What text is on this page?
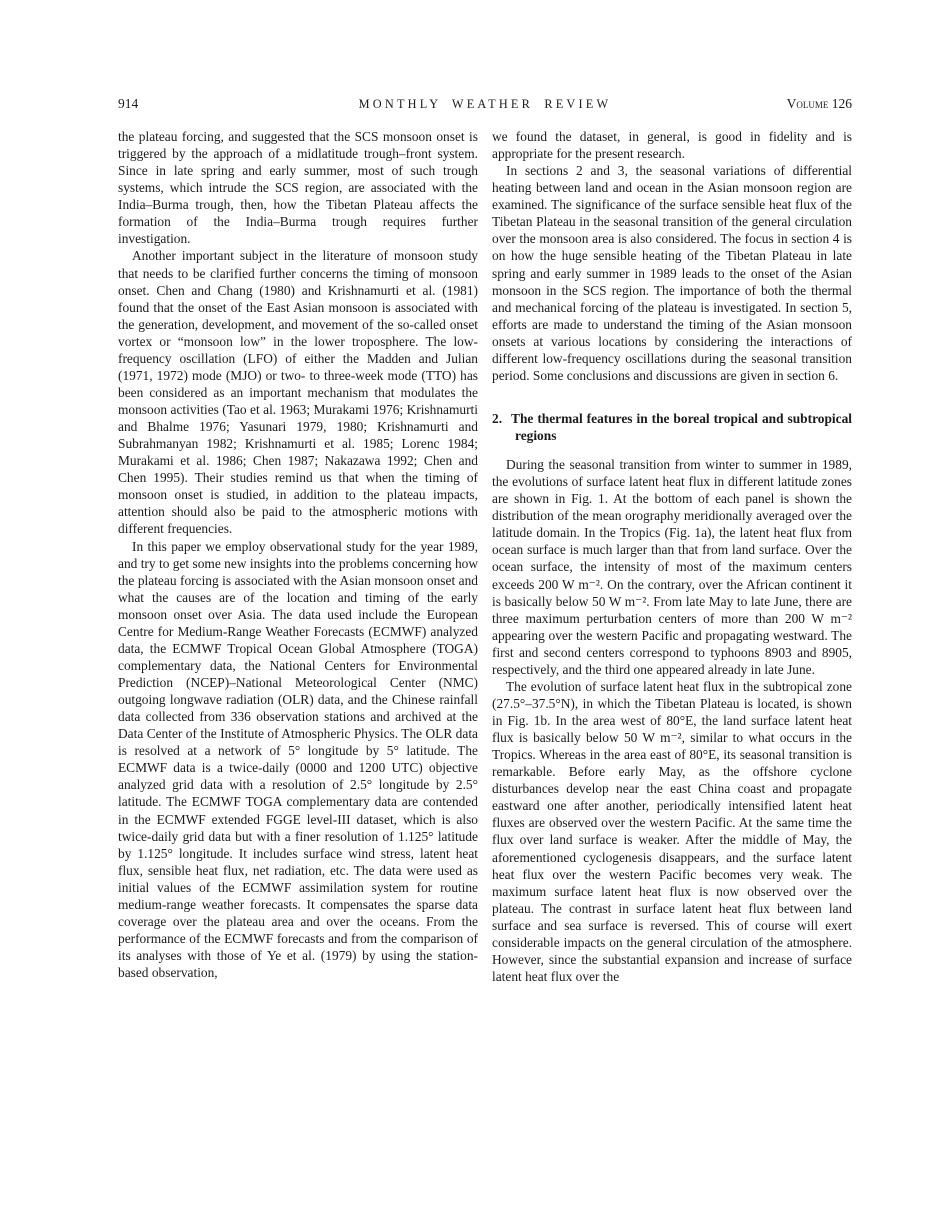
914	MONTHLY WEATHER REVIEW	Volume 126

the plateau forcing, and suggested that the SCS monsoon onset is triggered by the approach of a midlatitude trough–front system. Since in late spring and early summer, most of such trough systems, which intrude the SCS region, are associated with the India–Burma trough, then, how the Tibetan Plateau affects the formation of the India–Burma trough requires further investigation.

Another important subject in the literature of monsoon study that needs to be clarified further concerns the timing of monsoon onset. Chen and Chang (1980) and Krishnamurti et al. (1981) found that the onset of the East Asian monsoon is associated with the generation, development, and movement of the so-called onset vortex or “monsoon low” in the lower troposphere. The low-frequency oscillation (LFO) of either the Madden and Julian (1971, 1972) mode (MJO) or two- to three-week mode (TTO) has been considered as an important mechanism that modulates the monsoon activities (Tao et al. 1963; Murakami 1976; Krishnamurti and Bhalme 1976; Yasunari 1979, 1980; Krishnamurti and Subrahmanyan 1982; Krishnamurti et al. 1985; Lorenc 1984; Murakami et al. 1986; Chen 1987; Nakazawa 1992; Chen and Chen 1995). Their studies remind us that when the timing of monsoon onset is studied, in addition to the plateau impacts, attention should also be paid to the atmospheric motions with different frequencies.

In this paper we employ observational study for the year 1989, and try to get some new insights into the problems concerning how the plateau forcing is associated with the Asian monsoon onset and what the causes are of the location and timing of the early monsoon onset over Asia. The data used include the European Centre for Medium-Range Weather Forecasts (ECMWF) analyzed data, the ECMWF Tropical Ocean Global Atmosphere (TOGA) complementary data, the National Centers for Environmental Prediction (NCEP)–National Meteorological Center (NMC) outgoing longwave radiation (OLR) data, and the Chinese rainfall data collected from 336 observation stations and archived at the Data Center of the Institute of Atmospheric Physics. The OLR data is resolved at a network of 5° longitude by 5° latitude. The ECMWF data is a twice-daily (0000 and 1200 UTC) objective analyzed grid data with a resolution of 2.5° longitude by 2.5° latitude. The ECMWF TOGA complementary data are contended in the ECMWF extended FGGE level-III dataset, which is also twice-daily grid data but with a finer resolution of 1.125° latitude by 1.125° longitude. It includes surface wind stress, latent heat flux, sensible heat flux, net radiation, etc. The data were used as initial values of the ECMWF assimilation system for routine medium-range weather forecasts. It compensates the sparse data coverage over the plateau area and over the oceans. From the performance of the ECMWF forecasts and from the comparison of its analyses with those of Ye et al. (1979) by using the station-based observation,

we found the dataset, in general, is good in fidelity and is appropriate for the present research.

In sections 2 and 3, the seasonal variations of differential heating between land and ocean in the Asian monsoon region are examined. The significance of the surface sensible heat flux of the Tibetan Plateau in the seasonal transition of the general circulation over the monsoon area is also considered. The focus in section 4 is on how the huge sensible heating of the Tibetan Plateau in late spring and early summer in 1989 leads to the onset of the Asian monsoon in the SCS region. The importance of both the thermal and mechanical forcing of the plateau is investigated. In section 5, efforts are made to understand the timing of the Asian monsoon onsets at various locations by considering the interactions of different low-frequency oscillations during the seasonal transition period. Some conclusions and discussions are given in section 6.

2. The thermal features in the boreal tropical and subtropical regions

During the seasonal transition from winter to summer in 1989, the evolutions of surface latent heat flux in different latitude zones are shown in Fig. 1. At the bottom of each panel is shown the distribution of the mean orography meridionally averaged over the latitude domain. In the Tropics (Fig. 1a), the latent heat flux from ocean surface is much larger than that from land surface. Over the ocean surface, the intensity of most of the maximum centers exceeds 200 W m⁻². On the contrary, over the African continent it is basically below 50 W m⁻². From late May to late June, there are three maximum perturbation centers of more than 200 W m⁻² appearing over the western Pacific and propagating westward. The first and second centers correspond to typhoons 8903 and 8905, respectively, and the third one appeared already in late June.

The evolution of surface latent heat flux in the subtropical zone (27.5°–37.5°N), in which the Tibetan Plateau is located, is shown in Fig. 1b. In the area west of 80°E, the land surface latent heat flux is basically below 50 W m⁻², similar to what occurs in the Tropics. Whereas in the area east of 80°E, its seasonal transition is remarkable. Before early May, as the offshore cyclone disturbances develop near the east China coast and propagate eastward one after another, periodically intensified latent heat fluxes are observed over the western Pacific. At the same time the flux over land surface is weaker. After the middle of May, the aforementioned cyclogenesis disappears, and the surface latent heat flux over the western Pacific becomes very weak. The maximum surface latent heat flux is now observed over the plateau. The contrast in surface latent heat flux between land surface and sea surface is reversed. This of course will exert considerable impacts on the general circulation of the atmosphere. However, since the substantial expansion and increase of surface latent heat flux over the
